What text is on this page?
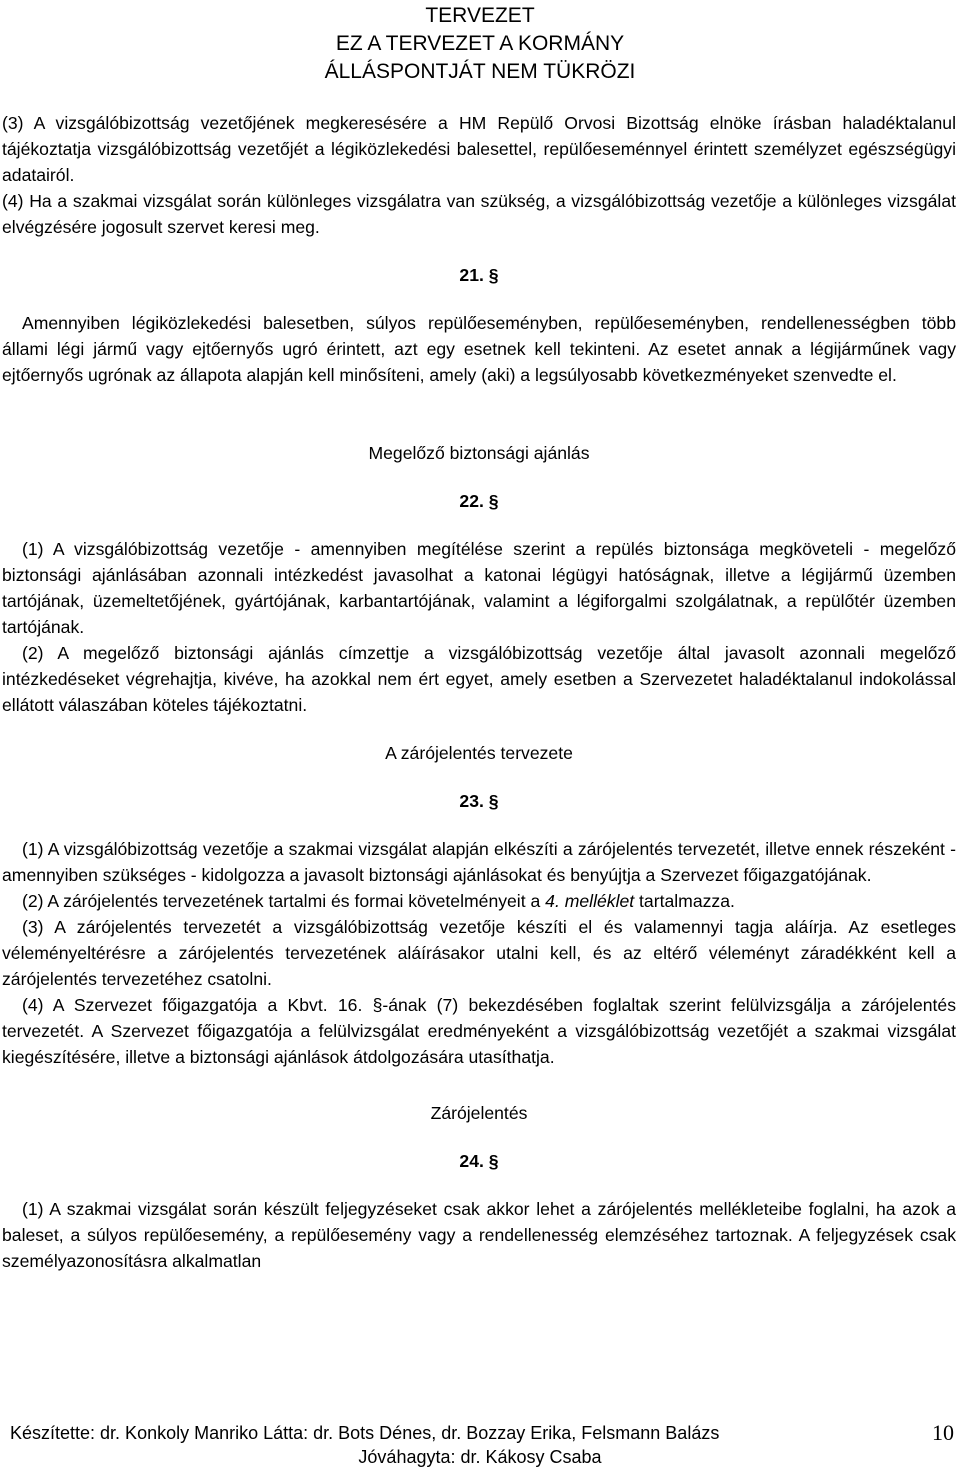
TERVEZET
EZ A TERVEZET A KORMÁNY
ÁLLÁSPONTJÁT NEM TÜKRÖZI

(3) A vizsgálóbizottság vezetőjének megkeresésére a HM Repülő Orvosi Bizottság elnöke írásban haladéktalanul tájékoztatja vizsgálóbizottság vezetőjét a légiközlekedési balesettel, repülőeseménnyel érintett személyzet egészségügyi adatairól.

(4) Ha a szakmai vizsgálat során különleges vizsgálatra van szükség, a vizsgálóbizottság vezetője a különleges vizsgálat elvégzésére jogosult szervet keresi meg.

21. §

Amennyiben légiközlekedési balesetben, súlyos repülőeseményben, repülőeseményben, rendellenességben több állami légi jármű vagy ejtőernyős ugró érintett, azt egy esetnek kell tekinteni. Az esetet annak a légijárműnek vagy ejtőernyős ugrónak az állapota alapján kell minősíteni, amely (aki) a legsúlyosabb következményeket szenvedte el.

Megelőző biztonsági ajánlás

22. §

(1) A vizsgálóbizottság vezetője - amennyiben megítélése szerint a repülés biztonsága megköveteli - megelőző biztonsági ajánlásában azonnali intézkedést javasolhat a katonai légügyi hatóságnak, illetve a légijármű üzemben tartójának, üzemeltetőjének, gyártójának, karbantartójának, valamint a légiforgalmi szolgálatnak, a repülőtér üzemben tartójának.

(2) A megelőző biztonsági ajánlás címzettje a vizsgálóbizottság vezetője által javasolt azonnali megelőző intézkedéseket végrehajtja, kivéve, ha azokkal nem ért egyet, amely esetben a Szervezetet haladéktalanul indokolással ellátott válaszában köteles tájékoztatni.

A zárójelentés tervezete

23. §

(1) A vizsgálóbizottság vezetője a szakmai vizsgálat alapján elkészíti a zárójelentés tervezetét, illetve ennek részeként - amennyiben szükséges - kidolgozza a javasolt biztonsági ajánlásokat és benyújtja a Szervezet főigazgatójának.

(2) A zárójelentés tervezetének tartalmi és formai követelményeit a 4. melléklet tartalmazza.

(3) A zárójelentés tervezetét a vizsgálóbizottság vezetője készíti el és valamennyi tagja aláírja. Az esetleges véleményeltérésre a zárójelentés tervezetének aláírásakor utalni kell, és az eltérő véleményt záradékként kell a zárójelentés tervezetéhez csatolni.

(4) A Szervezet főigazgatója a Kbvt. 16. §-ának (7) bekezdésében foglaltak szerint felülvizsgálja a zárójelentés tervezetét. A Szervezet főigazgatója a felülvizsgálat eredményeként a vizsgálóbizottság vezetőjét a szakmai vizsgálat kiegészítésére, illetve a biztonsági ajánlások átdolgozására utasíthatja.

Zárójelentés

24. §

(1) A szakmai vizsgálat során készült feljegyzéseket csak akkor lehet a zárójelentés mellékleteibe foglalni, ha azok a baleset, a súlyos repülőesemény, a repülőesemény vagy a rendellenesség elemzéséhez tartoznak. A feljegyzések csak személyazonosításra alkalmatlan

Készítette: dr. Konkoly Manriko Látta: dr. Bots Dénes, dr. Bozzay Erika, Felsmann Balázs	10
Jóváhagyta: dr. Kákosy Csaba
